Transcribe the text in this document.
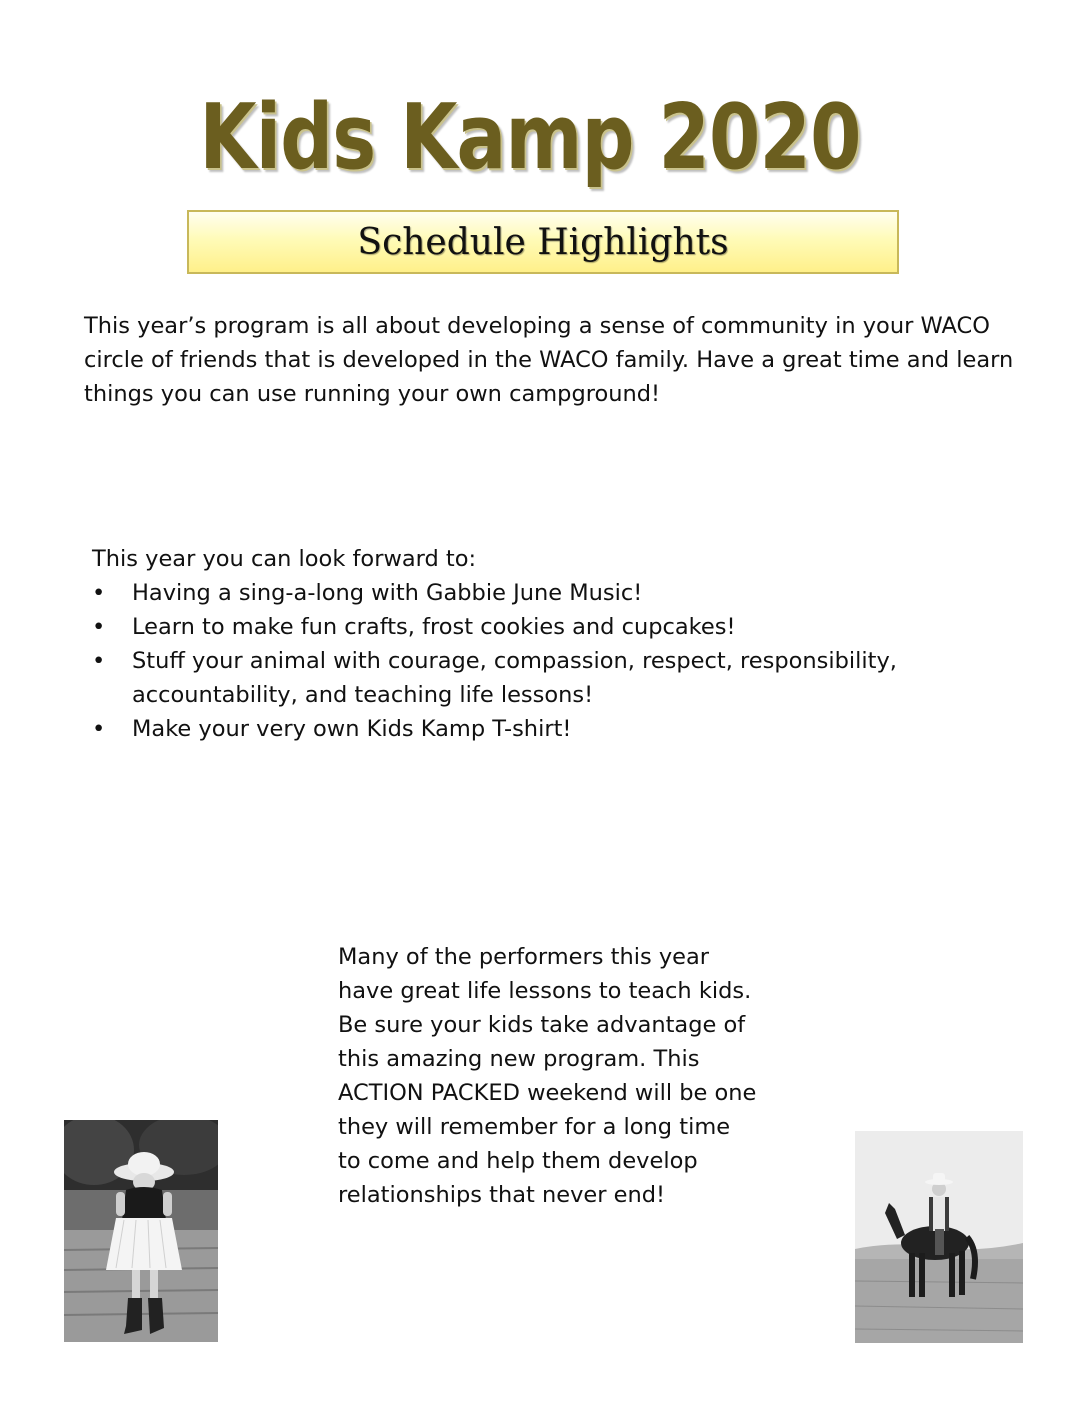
Kids Kamp 2020
Schedule Highlights
This year’s program is all about developing a sense of community in your WACO circle of friends that is developed in the WACO family. Have a great time and learn things you can use running your own campground!
This year you can look forward to:
• Having a sing-a-long with Gabbie June Music!
• Learn to make fun crafts, frost cookies and cupcakes!
• Stuff your animal with courage, compassion, respect, responsibility, accountability, and teaching life lessons!
• Make your very own Kids Kamp T-shirt!
Many of the performers this year have great life lessons to teach kids. Be sure your kids take advantage of this amazing new program. This ACTION PACKED weekend will be one they will remember for a long time to come and help them develop relationships that never end!
